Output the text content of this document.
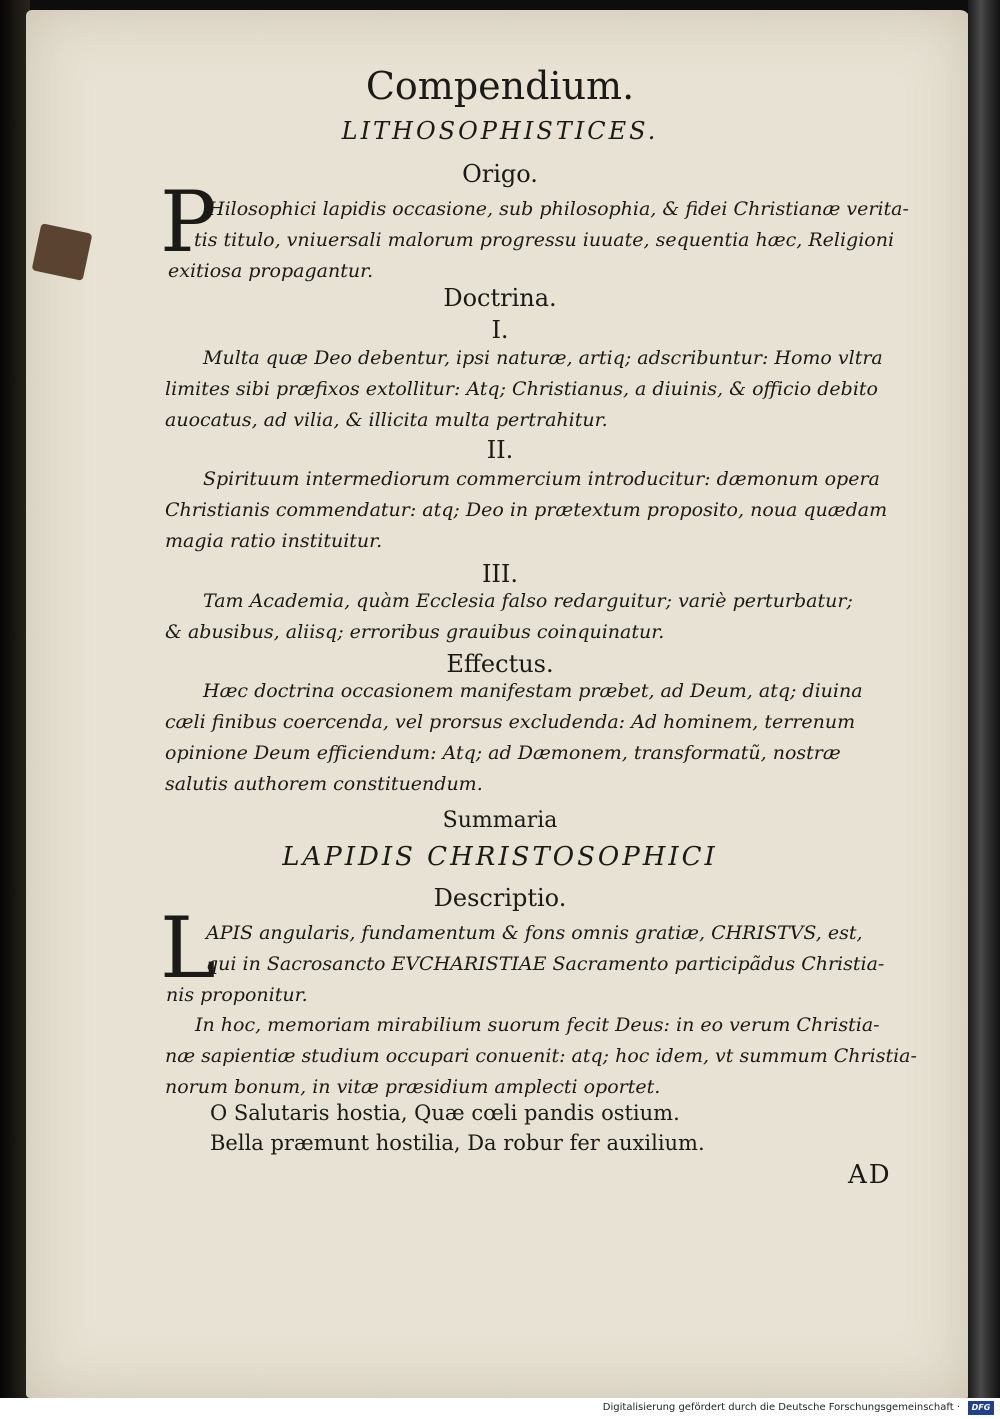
Compendium.
LITHOSOPHISTICES.
Origo.
P
Hilosophici lapidis occasione, sub philosophia, & fidei Christianæ verita-
tis titulo, vniuersali malorum progressu iuuate, sequentia hæc, Religioni
exitiosa propagantur.
Doctrina.
I.
Multa quæ Deo debentur, ipsi naturæ, artiq; adscribuntur: Homo vltra
limites sibi præfixos extollitur: Atq; Christianus, a diuinis, & officio debito
auocatus, ad vilia, & illicita multa pertrahitur.
II.
Spirituum intermediorum commercium introducitur: dæmonum opera
Christianis commendatur: atq; Deo in prætextum proposito, noua quædam
magia ratio instituitur.
III.
Tam Academia, quàm Ecclesia falso redarguitur; variè perturbatur;
& abusibus, aliisq; erroribus grauibus coinquinatur.
Effectus.
Hæc doctrina occasionem manifestam præbet, ad Deum, atq; diuina
cæli finibus coercenda, vel prorsus excludenda: Ad hominem, terrenum
opinione Deum efficiendum: Atq; ad Dæmonem, transformatũ, nostræ
salutis authorem constituendum.
Summaria
LAPIDIS CHRISTOSOPHICI
Descriptio.
L
APIS angularis, fundamentum & fons omnis gratiæ, CHRISTVS, est,
qui in Sacrosancto EVCHARISTIAE Sacramento participãdus Christia-
nis proponitur.
In hoc, memoriam mirabilium suorum fecit Deus: in eo verum Christia-
næ sapientiæ studium occupari conuenit: atq; hoc idem, vt summum Christia-
norum bonum, in vitæ præsidium amplecti oportet.
O Salutaris hostia, Quæ cœli pandis ostium.
Bella præmunt hostilia, Da robur fer auxilium.
AD
Digitalisierung gefördert durch die Deutsche Forschungsgemeinschaft ·	DFG
